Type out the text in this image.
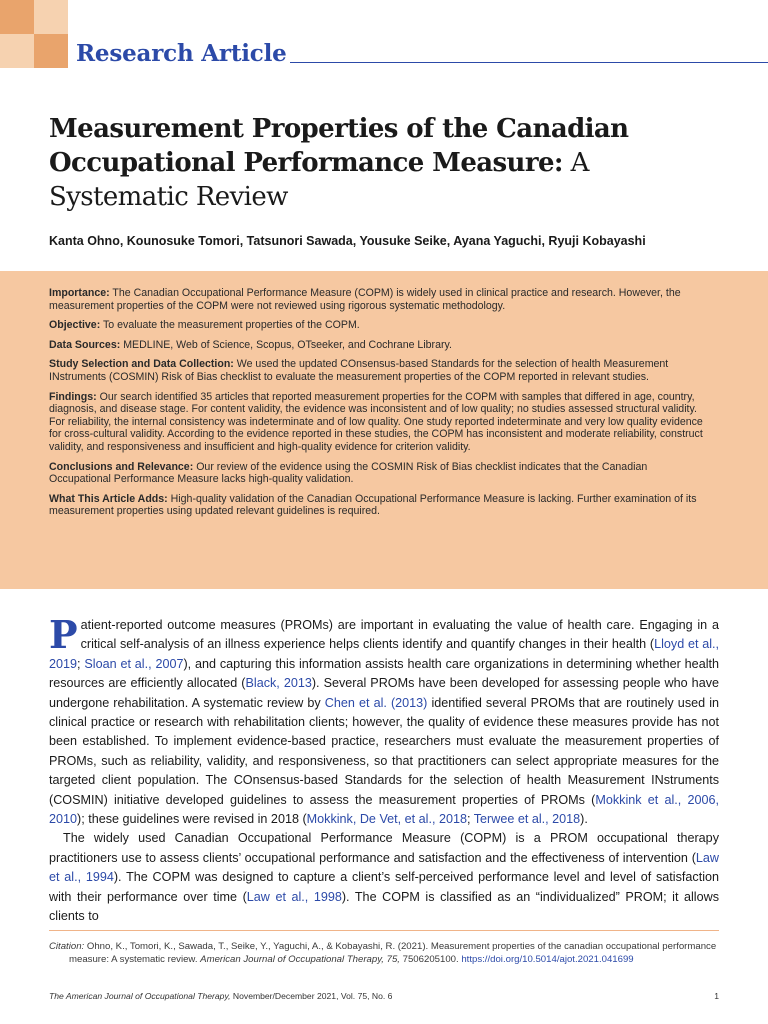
Research Article
Measurement Properties of the Canadian Occupational Performance Measure: A Systematic Review
Kanta Ohno, Kounosuke Tomori, Tatsunori Sawada, Yousuke Seike, Ayana Yaguchi, Ryuji Kobayashi

Importance: The Canadian Occupational Performance Measure (COPM) is widely used in clinical practice and research. However, the measurement properties of the COPM were not reviewed using rigorous systematic methodology.

Objective: To evaluate the measurement properties of the COPM.

Data Sources: MEDLINE, Web of Science, Scopus, OTseeker, and Cochrane Library.

Study Selection and Data Collection: We used the updated COnsensus-based Standards for the selection of health Measurement INstruments (COSMIN) Risk of Bias checklist to evaluate the measurement properties of the COPM reported in relevant studies.

Findings: Our search identified 35 articles that reported measurement properties for the COPM with samples that differed in age, country, diagnosis, and disease stage. For content validity, the evidence was inconsistent and of low quality; no studies assessed structural validity. For reliability, the internal consistency was indeterminate and of low quality. One study reported indeterminate and very low quality evidence for cross-cultural validity. According to the evidence reported in these studies, the COPM has inconsistent and moderate reliability, construct validity, and responsiveness and insufficient and high-quality evidence for criterion validity.

Conclusions and Relevance: Our review of the evidence using the COSMIN Risk of Bias checklist indicates that the Canadian Occupational Performance Measure lacks high-quality validation.

What This Article Adds: High-quality validation of the Canadian Occupational Performance Measure is lacking. Further examination of its measurement properties using updated relevant guidelines is required.

Patient-reported outcome measures (PROMs) are important in evaluating the value of health care. Engaging in a critical self-analysis of an illness experience helps clients identify and quantify changes in their health (Lloyd et al., 2019; Sloan et al., 2007), and capturing this information assists health care organizations in determining whether health resources are efficiently allocated (Black, 2013). Several PROMs have been developed for assessing people who have undergone rehabilitation. A systematic review by Chen et al. (2013) identified several PROMs that are routinely used in clinical practice or research with rehabilitation clients; however, the quality of evidence these measures provide has not been established. To implement evidence-based practice, researchers must evaluate the measurement properties of PROMs, such as reliability, validity, and responsiveness, so that practitioners can select appropriate measures for the targeted client population. The COnsensus-based Standards for the selection of health Measurement INstruments (COSMIN) initiative developed guidelines to assess the measurement properties of PROMs (Mokkink et al., 2006, 2010); these guidelines were revised in 2018 (Mokkink, De Vet, et al., 2018; Terwee et al., 2018).

The widely used Canadian Occupational Performance Measure (COPM) is a PROM occupational therapy practitioners use to assess clients’ occupational performance and satisfaction and the effectiveness of intervention (Law et al., 1994). The COPM was designed to capture a client’s self-perceived performance level and level of satisfaction with their performance over time (Law et al., 1998). The COPM is classified as an “individualized” PROM; it allows clients to

Citation: Ohno, K., Tomori, K., Sawada, T., Seike, Y., Yaguchi, A., & Kobayashi, R. (2021). Measurement properties of the canadian occupational performance measure: A systematic review. American Journal of Occupational Therapy, 75, 7506205100. https://doi.org/10.5014/ajot.2021.041699

The American Journal of Occupational Therapy, November/December 2021, Vol. 75, No. 6	1
